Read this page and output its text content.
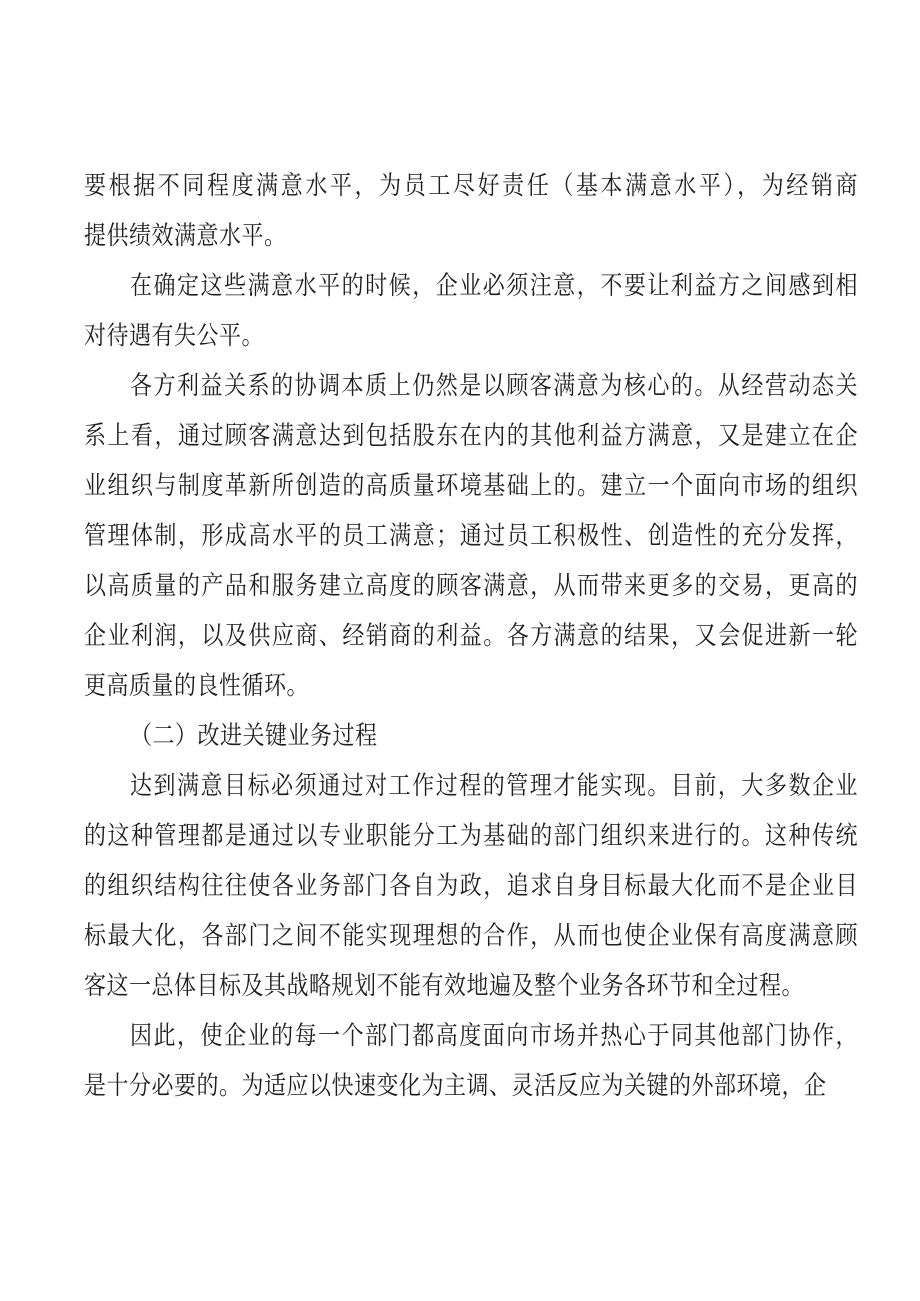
要根据不同程度满意水平，为员工尽好责任（基本满意水平），为经销商
提供绩效满意水平。
在确定这些满意水平的时候，企业必须注意，不要让利益方之间感到相
对待遇有失公平。
各方利益关系的协调本质上仍然是以顾客满意为核心的。从经营动态关
系上看，通过顾客满意达到包括股东在内的其他利益方满意，又是建立在企
业组织与制度革新所创造的高质量环境基础上的。建立一个面向市场的组织
管理体制，形成高水平的员工满意；通过员工积极性、创造性的充分发挥，
以高质量的产品和服务建立高度的顾客满意，从而带来更多的交易，更高的
企业利润，以及供应商、经销商的利益。各方满意的结果，又会促进新一轮
更高质量的良性循环。
（二）改进关键业务过程
达到满意目标必须通过对工作过程的管理才能实现。目前，大多数企业
的这种管理都是通过以专业职能分工为基础的部门组织来进行的。这种传统
的组织结构往往使各业务部门各自为政，追求自身目标最大化而不是企业目
标最大化，各部门之间不能实现理想的合作，从而也使企业保有高度满意顾
客这一总体目标及其战略规划不能有效地遍及整个业务各环节和全过程。
因此，使企业的每一个部门都高度面向市场并热心于同其他部门协作，
是十分必要的。为适应以快速变化为主调、灵活反应为关键的外部环境，企
